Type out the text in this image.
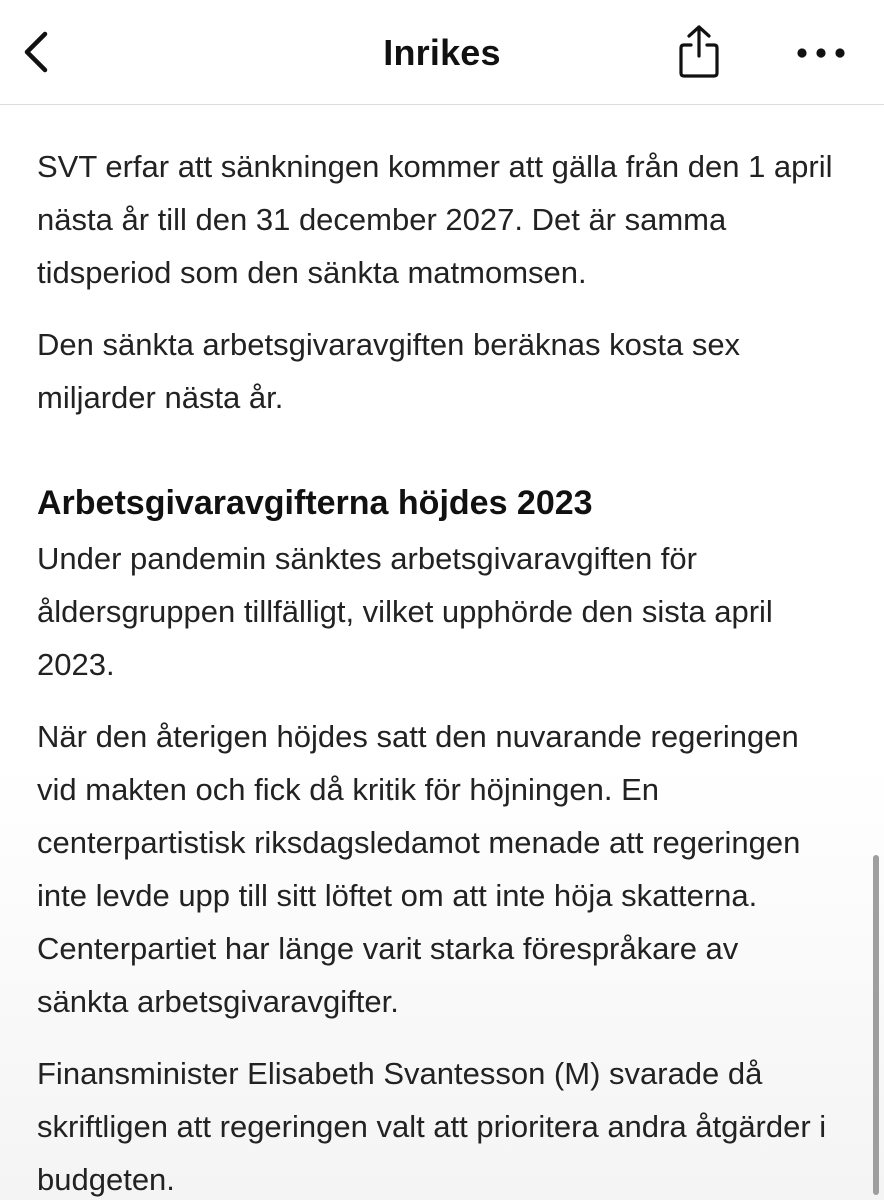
Inrikes

SVT erfar att sänkningen kommer att gälla från den 1 april nästa år till den 31 december 2027. Det är samma tidsperiod som den sänkta matmomsen.

Den sänkta arbetsgivaravgiften beräknas kosta sex miljarder nästa år.

Arbetsgivaravgifterna höjdes 2023

Under pandemin sänktes arbetsgivaravgiften för åldersgruppen tillfälligt, vilket upphörde den sista april 2023.

När den återigen höjdes satt den nuvarande regeringen vid makten och fick då kritik för höjningen. En centerpartistisk riksdagsledamot menade att regeringen inte levde upp till sitt löftet om att inte höja skatterna. Centerpartiet har länge varit starka förespråkare av sänkta arbetsgivaravgifter.

Finansminister Elisabeth Svantesson (M) svarade då skriftligen att regeringen valt att prioritera andra åtgärder i budgeten.
